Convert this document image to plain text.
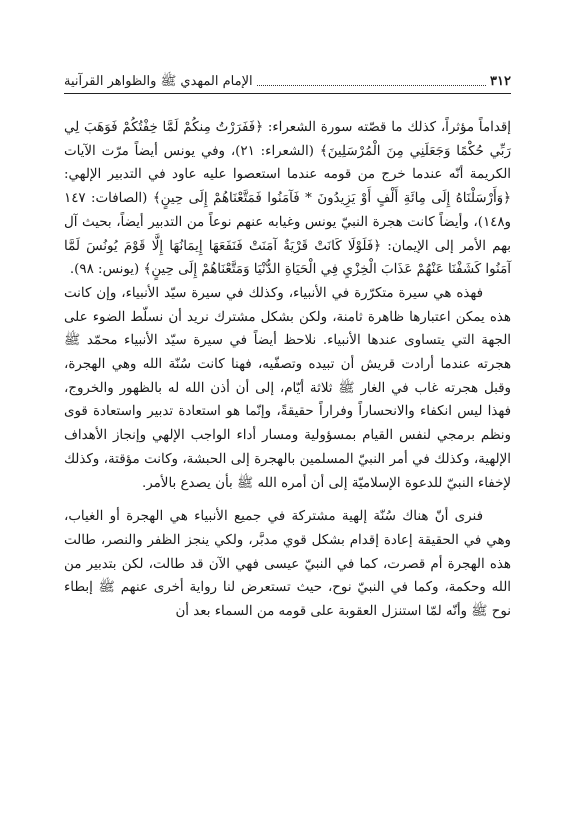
٣١٢
الإمام المهدي ﷺ والظواهر القرآنية

إقداماً مؤثراً، كذلك ما قصّته سورة الشعراء: ﴿فَفَرَرْتُ مِنكُمْ لَمَّا خِفْتُكُمْ فَوَهَبَ لِي رَبِّي حُكْمًا وَجَعَلَنِي مِنَ الْمُرْسَلِينَ﴾ (الشعراء: ٢١)، وفي يونس أيضاً مرّت الآيات الكريمة أنّه عندما خرج من قومه عندما استعصوا عليه عاود في التدبير الإلهي: ﴿وَأَرْسَلْنَاهُ إِلَى مِائَةِ أَلْفٍ أَوْ يَزِيدُونَ * فَآمَنُوا فَمَتَّعْنَاهُمْ إِلَى حِينٍ﴾ (الصافات: ١٤٧ و١٤٨)، وأيضاً كانت هجرة النبيّ يونس وغيابه عنهم نوعاً من التدبير أيضاً، بحيث آل بهم الأمر إلى الإيمان: ﴿فَلَوْلَا كَانَتْ قَرْيَةٌ آمَنَتْ فَنَفَعَهَا إِيمَانُهَا إِلَّا قَوْمَ يُونُسَ لَمَّا آمَنُوا كَشَفْنَا عَنْهُمْ عَذَابَ الْخِزْيِ فِي الْحَيَاةِ الدُّنْيَا وَمَتَّعْنَاهُمْ إِلَى حِينٍ﴾ (يونس: ٩٨).

فهذه هي سيرة متكرّرة في الأنبياء، وكذلك في سيرة سيّد الأنبياء، وإن كانت هذه يمكن اعتبارها ظاهرة ثامنة، ولكن بشكل مشترك نريد أن نسلّط الضوء على الجهة التي يتساوى عندها الأنبياء. نلاحظ أيضاً في سيرة سيّد الأنبياء محمّد ﷺ هجرته عندما أرادت قريش أن تبيده وتصفّيه، فهنا كانت سُنّة الله وهي الهجرة، وقبل هجرته غاب في الغار ﷺ ثلاثة أيّام، إلى أن أذن الله له بالظهور والخروج، فهذا ليس انكفاء والانحساراً وفراراً حقيقةً، وإنّما هو استعادة تدبير واستعادة قوى ونظم برمجي لنفس القيام بمسؤولية ومسار أداء الواجب الإلهي وإنجاز الأهداف الإلهية، وكذلك في أمر النبيّ المسلمين بالهجرة إلى الحبشة، وكانت مؤقتة، وكذلك لإخفاء النبيّ للدعوة الإسلاميّة إلى أن أمره الله ﷺ بأن يصدع بالأمر.

فنرى أنّ هناك سُنّة إلهية مشتركة في جميع الأنبياء هي الهجرة أو الغياب، وهي في الحقيقة إعادة إقدام بشكل قوي مدبَّر، ولكي ينجز الظفر والنصر، طالت هذه الهجرة أم قصرت، كما في النبيّ عيسى فهي الآن قد طالت، لكن بتدبير من الله وحكمة، وكما في النبيّ نوح، حيث تستعرض لنا رواية أخرى عنهم ﷺ إبطاء نوح ﷺ وأنّه لمّا استنزل العقوبة على قومه من السماء بعد أن
